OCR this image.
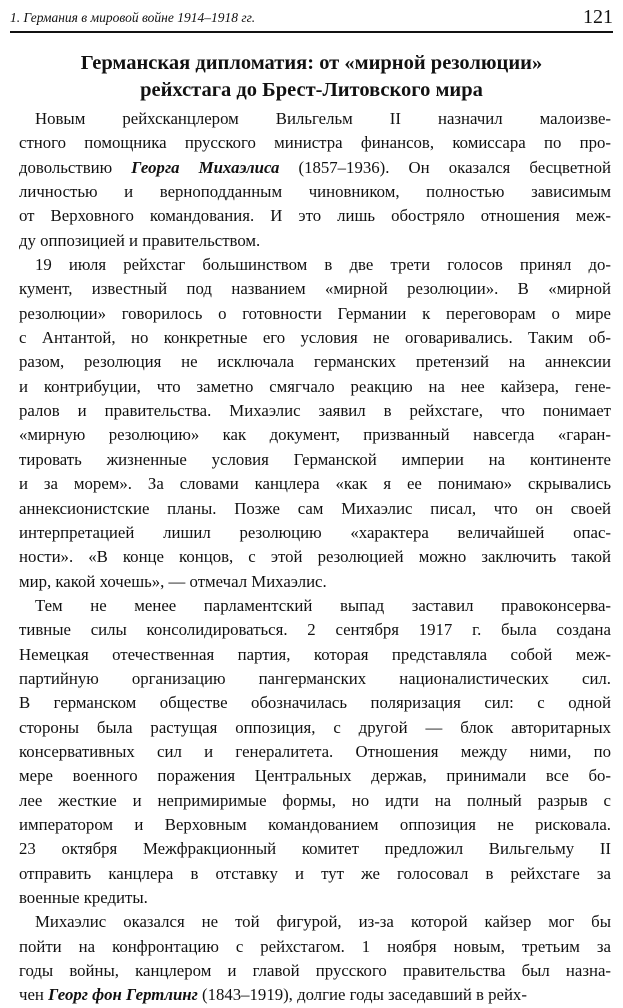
1. Германия в мировой войне 1914–1918 гг.	121
Германская дипломатия: от «мирной резолюции»
рейхстага до Брест-Литовского мира
Новым рейхсканцлером Вильгельм II назначил малоизве-
стного помощника прусского министра финансов, комиссара по про-
довольствию Георга Михаэлиса (1857–1936). Он оказался бесцветной
личностью и верноподданным чиновником, полностью зависимым
от Верховного командования. И это лишь обостряло отношения меж-
ду оппозицией и правительством.
19 июля рейхстаг большинством в две трети голосов принял до-
кумент, известный под названием «мирной резолюции». В «мирной
резолюции» говорилось о готовности Германии к переговорам о мире
с Антантой, но конкретные его условия не оговаривались. Таким об-
разом, резолюция не исключала германских претензий на аннексии
и контрибуции, что заметно смягчало реакцию на нее кайзера, гене-
ралов и правительства. Михаэлис заявил в рейхстаге, что понимает
«мирную резолюцию» как документ, призванный навсегда «гаран-
тировать жизненные условия Германской империи на континенте
и за морем». За словами канцлера «как я ее понимаю» скрывались
аннексионистские планы. Позже сам Михаэлис писал, что он своей
интерпретацией лишил резолюцию «характера величайшей опас-
ности». «В конце концов, с этой резолюцией можно заключить такой
мир, какой хочешь», — отмечал Михаэлис.
Тем не менее парламентский выпад заставил правоконсерва-
тивные силы консолидироваться. 2 сентября 1917 г. была создана
Немецкая отечественная партия, которая представляла собой меж-
партийную организацию пангерманских националистических сил.
В германском обществе обозначилась поляризация сил: с одной
стороны была растущая оппозиция, с другой — блок авторитарных
консервативных сил и генералитета. Отношения между ними, по
мере военного поражения Центральных держав, принимали все бо-
лее жесткие и непримиримые формы, но идти на полный разрыв с
императором и Верховным командованием оппозиция не рисковала.
23 октября Межфракционный комитет предложил Вильгельму II
отправить канцлера в отставку и тут же голосовал в рейхстаге за
военные кредиты.
Михаэлис оказался не той фигурой, из-за которой кайзер мог бы
пойти на конфронтацию с рейхстагом. 1 ноября новым, третьим за
годы войны, канцлером и главой прусского правительства был назна-
чен Георг фон Гертлинг (1843–1919), долгие годы заседавший в рейх-
